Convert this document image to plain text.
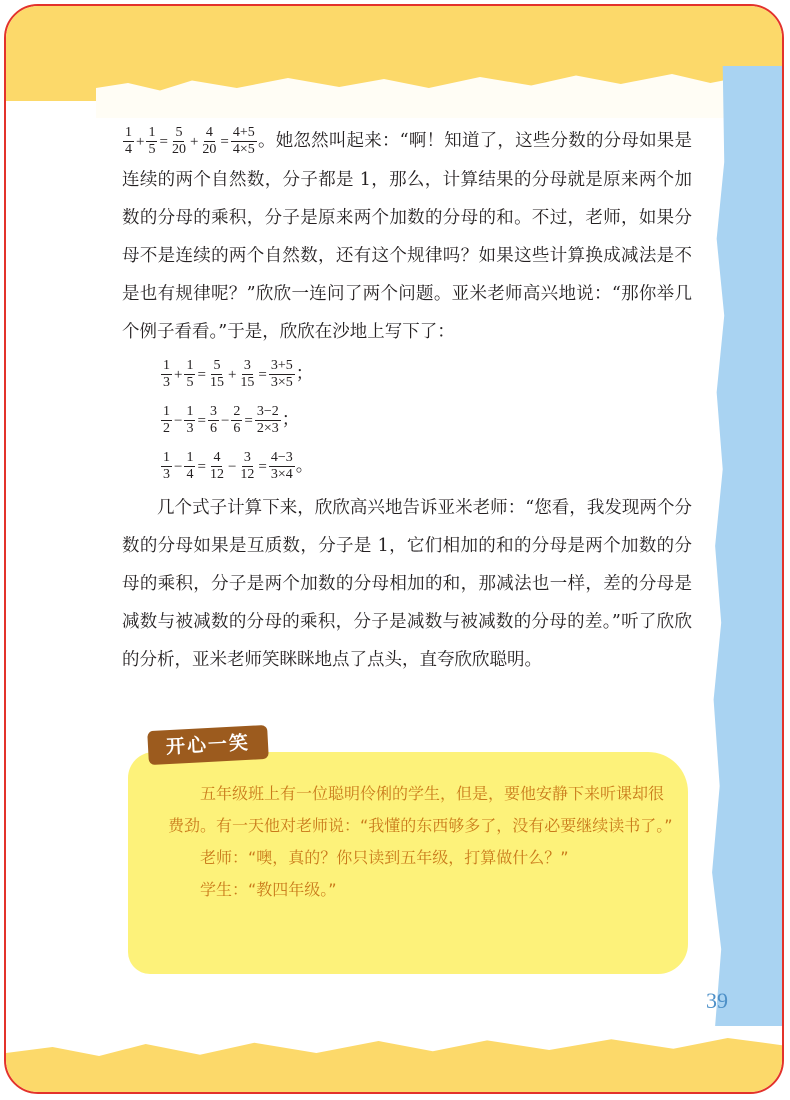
$\frac{1}{4} + \frac{1}{5} = \frac{5}{20} + \frac{4}{20} = \frac{4+5}{4\times 5}$ 。她忽然叫起来：“啊！知道了，这些分数的分母如果是连续的两个自然数，分子都是 1，那么，计算结果的分母就是原来两个加数的分母的乘积，分子是原来两个加数的分母的和。不过，老师，如果分母不是连续的两个自然数，还有这个规律吗？如果这些计算换成减法是不是也有规律呢？”欣欣一连问了两个问题。亚米老师高兴地说：“那你举几个例子看看。”于是，欣欣在沙地上写下了：

$\frac{1}{3} + \frac{1}{5} = \frac{5}{15} + \frac{3}{15} = \frac{3+5}{3\times 5}$ ；
$\frac{1}{2} - \frac{1}{3} = \frac{3}{6} - \frac{2}{6} = \frac{3-2}{2\times 3}$ ；
$\frac{1}{3} - \frac{1}{4} = \frac{4}{12} - \frac{3}{12} = \frac{4-3}{3\times 4}$ 。

几个式子计算下来，欣欣高兴地告诉亚米老师：“您看，我发现两个分数的分母如果是互质数，分子是 1，它们相加的和的分母是两个加数的分母的乘积，分子是两个加数的分母相加的和，那减法也一样，差的分母是减数与被减数的分母的乘积，分子是减数与被减数的分母的差。”听了欣欣的分析，亚米老师笑眯眯地点了点头，直夸欣欣聪明。

开心一笑

五年级班上有一位聪明伶俐的学生，但是，要他安静下来听课却很费劲。有一天他对老师说：“我懂的东西够多了，没有必要继续读书了。”

老师：“噢，真的？你只读到五年级，打算做什么？”

学生：“教四年级。”

39
